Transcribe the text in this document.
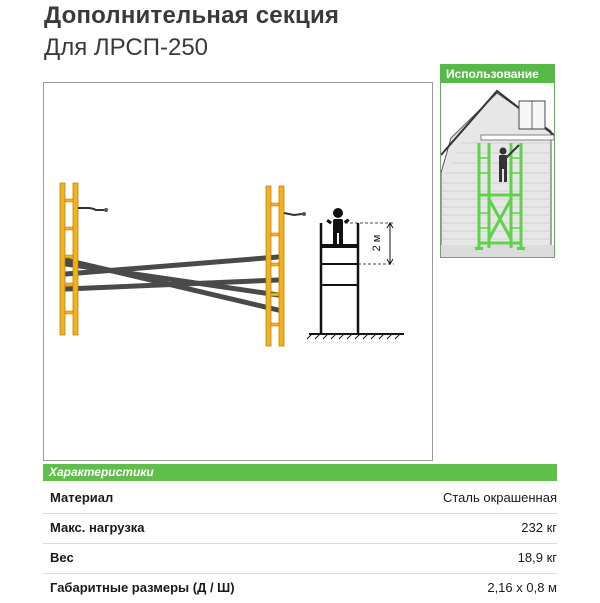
Дополнительная секция
Для ЛРСП-250
2 м
Использование
Характеристики
Материал	Сталь окрашенная
Макс. нагрузка	232 кг
Вес	18,9 кг
Габаритные размеры (Д / Ш)	2,16 х 0,8 м
